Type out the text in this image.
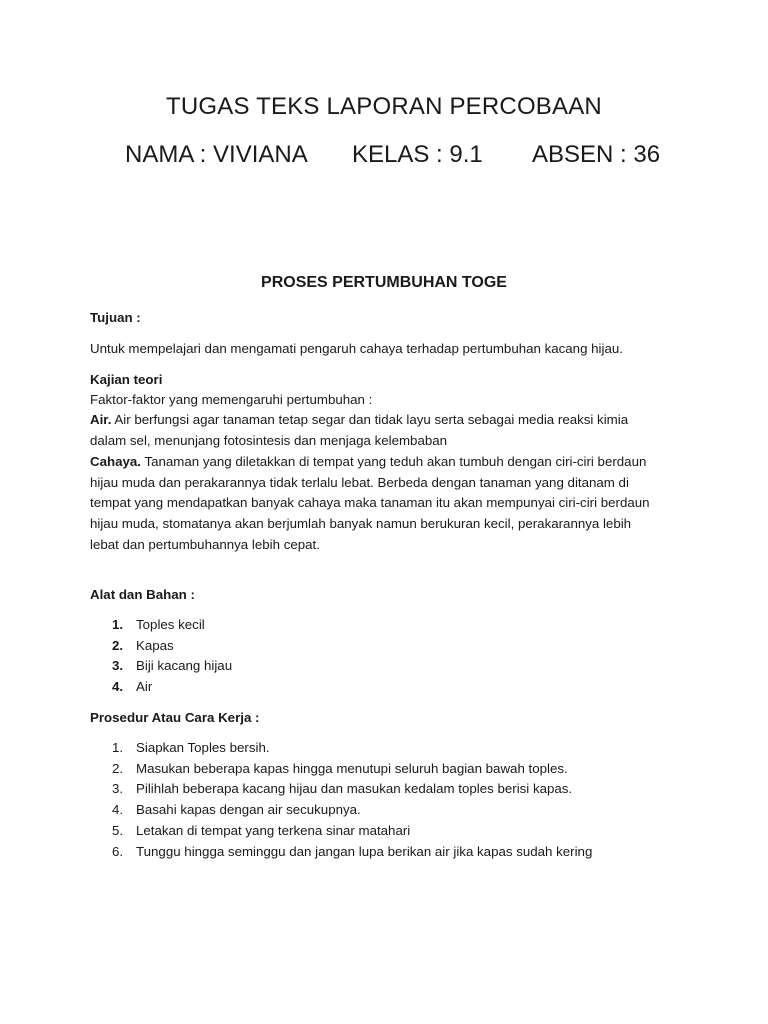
TUGAS TEKS LAPORAN PERCOBAAN
NAMA : VIVIANA KELAS : 9.1 ABSEN : 36
PROSES PERTUMBUHAN TOGE
Tujuan :
Untuk mempelajari dan mengamati pengaruh cahaya terhadap pertumbuhan kacang hijau.
Kajian teori
Faktor-faktor yang memengaruhi pertumbuhan :
Air. Air berfungsi agar tanaman tetap segar dan tidak layu serta sebagai media reaksi kimia
dalam sel, menunjang fotosintesis dan menjaga kelembaban
Cahaya. Tanaman yang diletakkan di tempat yang teduh akan tumbuh dengan ciri-ciri berdaun
hijau muda dan perakarannya tidak terlalu lebat. Berbeda dengan tanaman yang ditanam di
tempat yang mendapatkan banyak cahaya maka tanaman itu akan mempunyai ciri-ciri berdaun
hijau muda, stomatanya akan berjumlah banyak namun berukuran kecil, perakarannya lebih
lebat dan pertumbuhannya lebih cepat.
Alat dan Bahan :
1. Toples kecil
2. Kapas
3. Biji kacang hijau
4. Air
Prosedur Atau Cara Kerja :
1. Siapkan Toples bersih.
2. Masukan beberapa kapas hingga menutupi seluruh bagian bawah toples.
3. Pilihlah beberapa kacang hijau dan masukan kedalam toples berisi kapas.
4. Basahi kapas dengan air secukupnya.
5. Letakan di tempat yang terkena sinar matahari
6. Tunggu hingga seminggu dan jangan lupa berikan air jika kapas sudah kering
